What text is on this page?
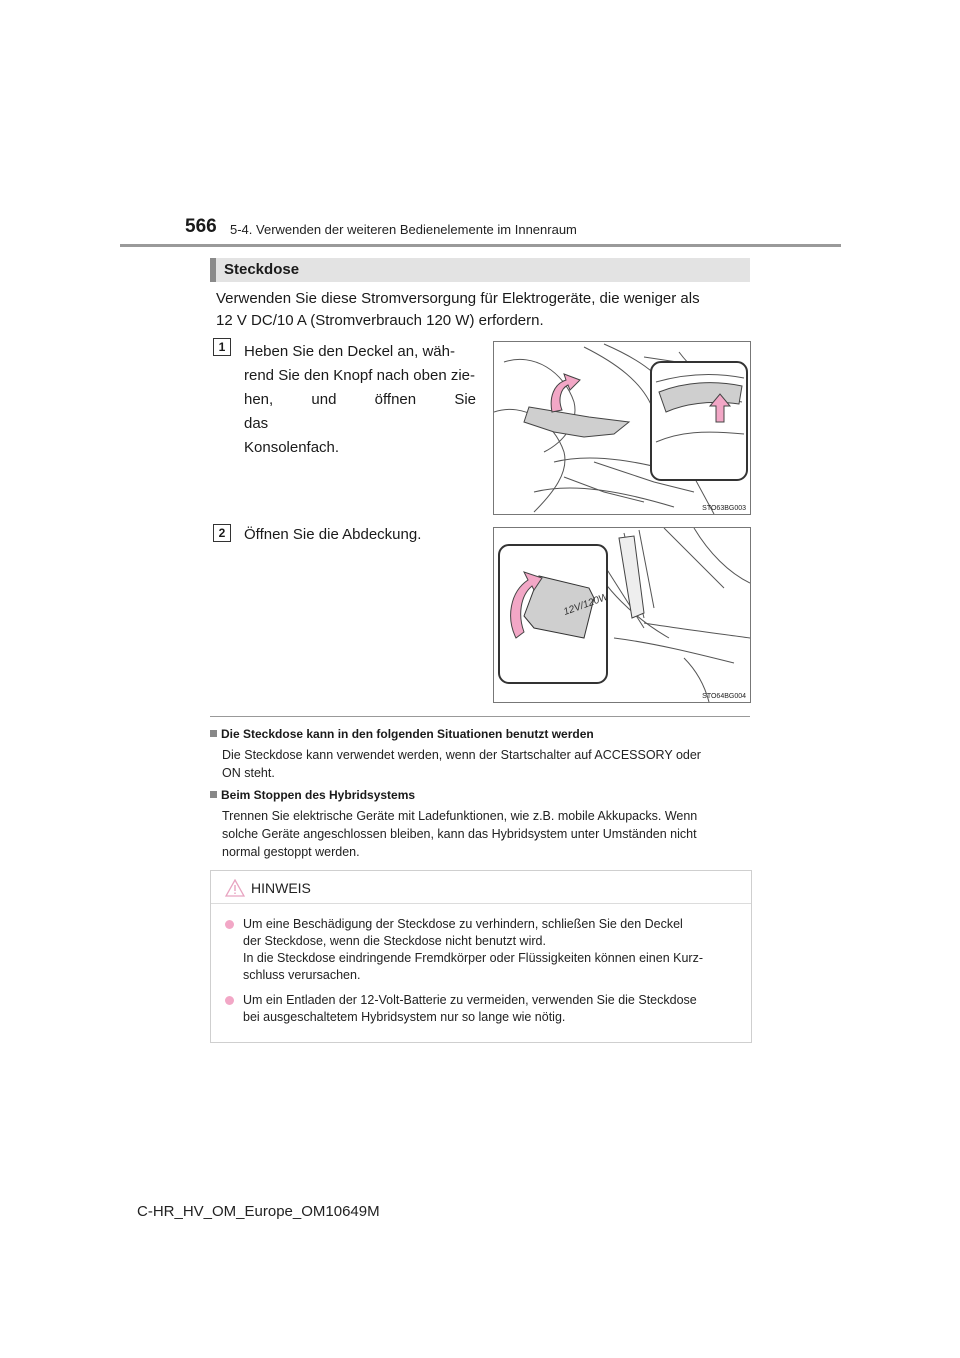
566 5-4. Verwenden der weiteren Bedienelemente im Innenraum
Steckdose
Verwenden Sie diese Stromversorgung für Elektrogeräte, die weniger als
12 V DC/10 A (Stromverbrauch 120 W) erfordern.
1	Heben Sie den Deckel an, wäh-
rend Sie den Knopf nach oben zie-
hen, und öffnen Sie das
Konsolenfach.
STO63BG003
2	Öffnen Sie die Abdeckung.
12V/120W
STO64BG004
Die Steckdose kann in den folgenden Situationen benutzt werden
Die Steckdose kann verwendet werden, wenn der Startschalter auf ACCESSORY oder
ON steht.
Beim Stoppen des Hybridsystems
Trennen Sie elektrische Geräte mit Ladefunktionen, wie z.B. mobile Akkupacks. Wenn
solche Geräte angeschlossen bleiben, kann das Hybridsystem unter Umständen nicht
normal gestoppt werden.
HINWEIS
Um eine Beschädigung der Steckdose zu verhindern, schließen Sie den Deckel
der Steckdose, wenn die Steckdose nicht benutzt wird.
In die Steckdose eindringende Fremdkörper oder Flüssigkeiten können einen Kurz-
schluss verursachen.
Um ein Entladen der 12-Volt-Batterie zu vermeiden, verwenden Sie die Steckdose
bei ausgeschaltetem Hybridsystem nur so lange wie nötig.
C-HR_HV_OM_Europe_OM10649M
